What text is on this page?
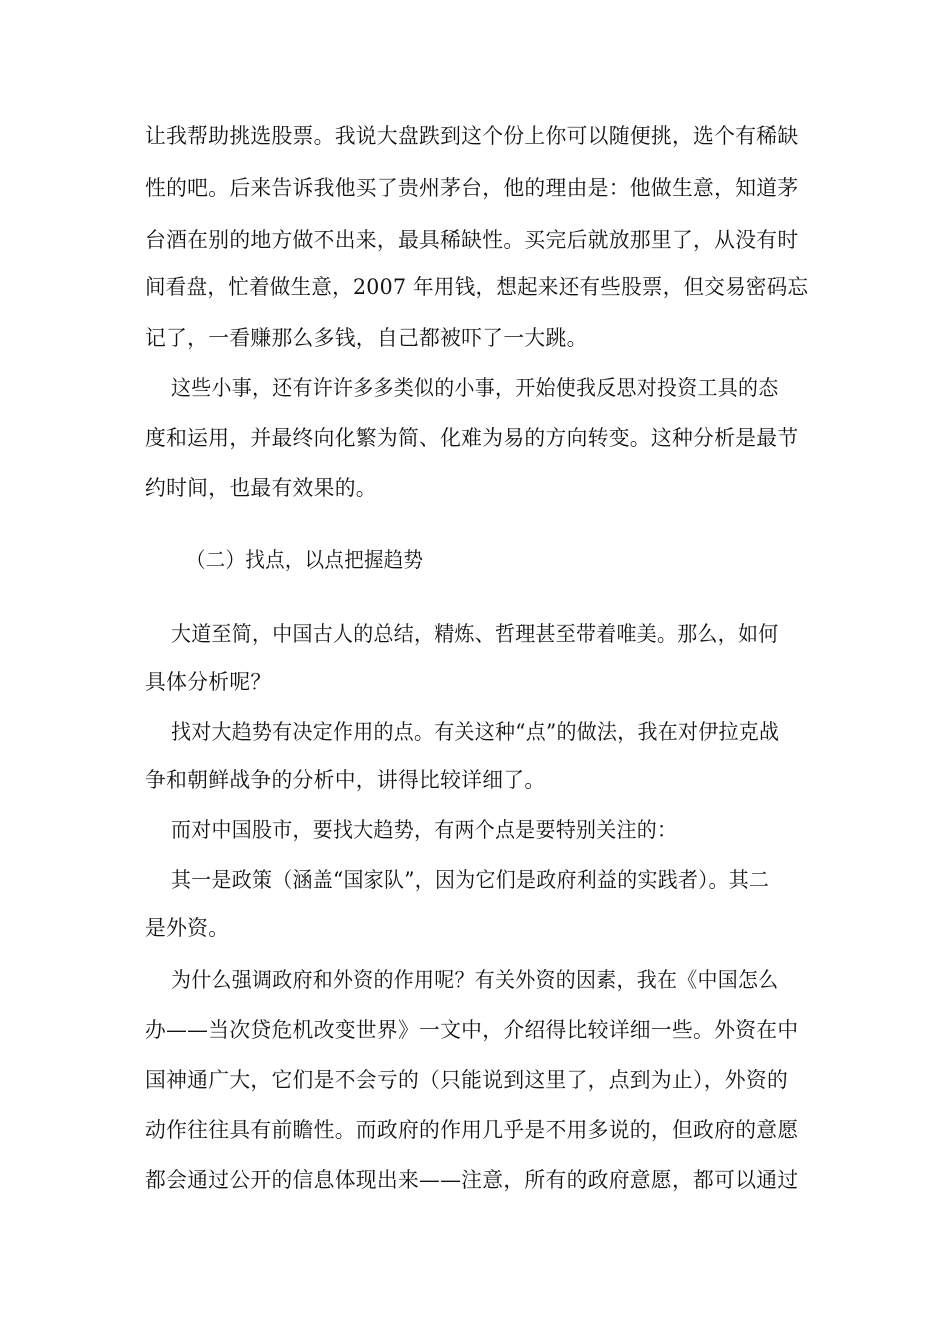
让我帮助挑选股票。我说大盘跌到这个份上你可以随便挑，选个有稀缺
性的吧。后来告诉我他买了贵州茅台，他的理由是：他做生意，知道茅
台酒在别的地方做不出来，最具稀缺性。买完后就放那里了，从没有时
间看盘，忙着做生意，2007 年用钱，想起来还有些股票，但交易密码忘
记了，一看赚那么多钱，自己都被吓了一大跳。
这些小事，还有许许多多类似的小事，开始使我反思对投资工具的态
度和运用，并最终向化繁为简、化难为易的方向转变。这种分析是最节
约时间，也最有效果的。
（二）找点，以点把握趋势
大道至简，中国古人的总结，精炼、哲理甚至带着唯美。那么，如何
具体分析呢？
找对大趋势有决定作用的点。有关这种“点”的做法，我在对伊拉克战
争和朝鲜战争的分析中，讲得比较详细了。
而对中国股市，要找大趋势，有两个点是要特别关注的：
其一是政策（涵盖“国家队”，因为它们是政府利益的实践者）。其二
是外资。
为什么强调政府和外资的作用呢？有关外资的因素，我在《中国怎么
办——当次贷危机改变世界》一文中，介绍得比较详细一些。外资在中
国神通广大，它们是不会亏的（只能说到这里了，点到为止），外资的
动作往往具有前瞻性。而政府的作用几乎是不用多说的，但政府的意愿
都会通过公开的信息体现出来——注意，所有的政府意愿，都可以通过
